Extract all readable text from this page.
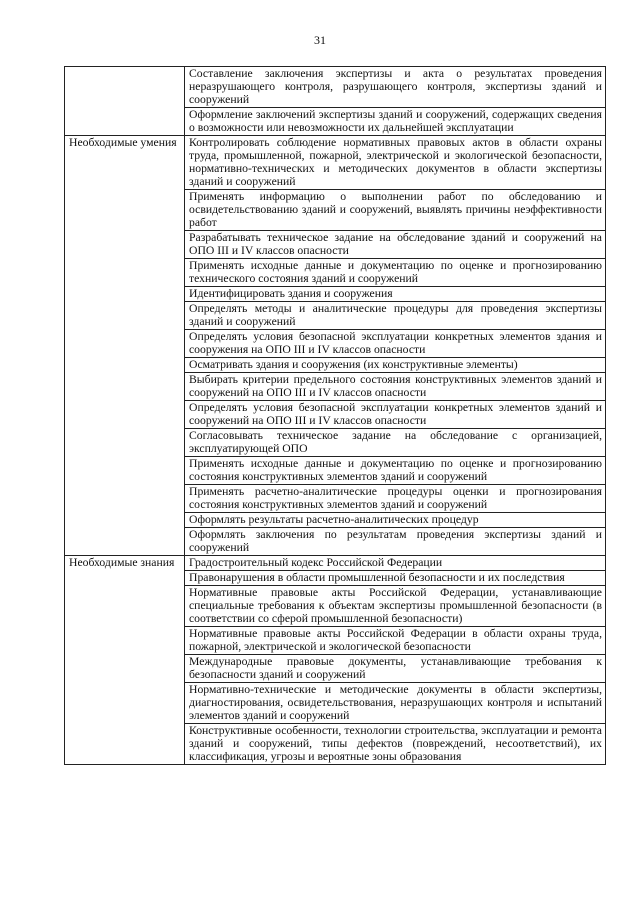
31
	Составление заключения экспертизы и акта о результатах проведения неразрушающего контроля, разрушающего контроля, экспертизы зданий и сооружений
	Оформление заключений экспертизы зданий и сооружений, содержащих сведения о возможности или невозможности их дальнейшей эксплуатации
Необходимые умения	Контролировать соблюдение нормативных правовых актов в области охраны труда, промышленной, пожарной, электрической и экологической безопасности, нормативно-технических и методических документов в области экспертизы зданий и сооружений
	Применять информацию о выполнении работ по обследованию и освидетельствованию зданий и сооружений, выявлять причины неэффективности работ
	Разрабатывать техническое задание на обследование зданий и сооружений на ОПО III и IV классов опасности
	Применять исходные данные и документацию по оценке и прогнозированию технического состояния зданий и сооружений
	Идентифицировать здания и сооружения
	Определять методы и аналитические процедуры для проведения экспертизы зданий и сооружений
	Определять условия безопасной эксплуатации конкретных элементов здания и сооружения на ОПО III и IV классов опасности
	Осматривать здания и сооружения (их конструктивные элементы)
	Выбирать критерии предельного состояния конструктивных элементов зданий и сооружений на ОПО III и IV классов опасности
	Определять условия безопасной эксплуатации конкретных элементов зданий и сооружений на ОПО III и IV классов опасности
	Согласовывать техническое задание на обследование с организацией, эксплуатирующей ОПО
	Применять исходные данные и документацию по оценке и прогнозированию состояния конструктивных элементов зданий и сооружений
	Применять расчетно-аналитические процедуры оценки и прогнозирования состояния конструктивных элементов зданий и сооружений
	Оформлять результаты расчетно-аналитических процедур
	Оформлять заключения по результатам проведения экспертизы зданий и сооружений
Необходимые знания	Градостроительный кодекс Российской Федерации
	Правонарушения в области промышленной безопасности и их последствия
	Нормативные правовые акты Российской Федерации, устанавливающие специальные требования к объектам экспертизы промышленной безопасности (в соответствии со сферой промышленной безопасности)
	Нормативные правовые акты Российской Федерации в области охраны труда, пожарной, электрической и экологической безопасности
	Международные правовые документы, устанавливающие требования к безопасности зданий и сооружений
	Нормативно-технические и методические документы в области экспертизы, диагностирования, освидетельствования, неразрушающих контроля и испытаний элементов зданий и сооружений
	Конструктивные особенности, технологии строительства, эксплуатации и ремонта зданий и сооружений, типы дефектов (повреждений, несоответствий), их классификация, угрозы и вероятные зоны образования
